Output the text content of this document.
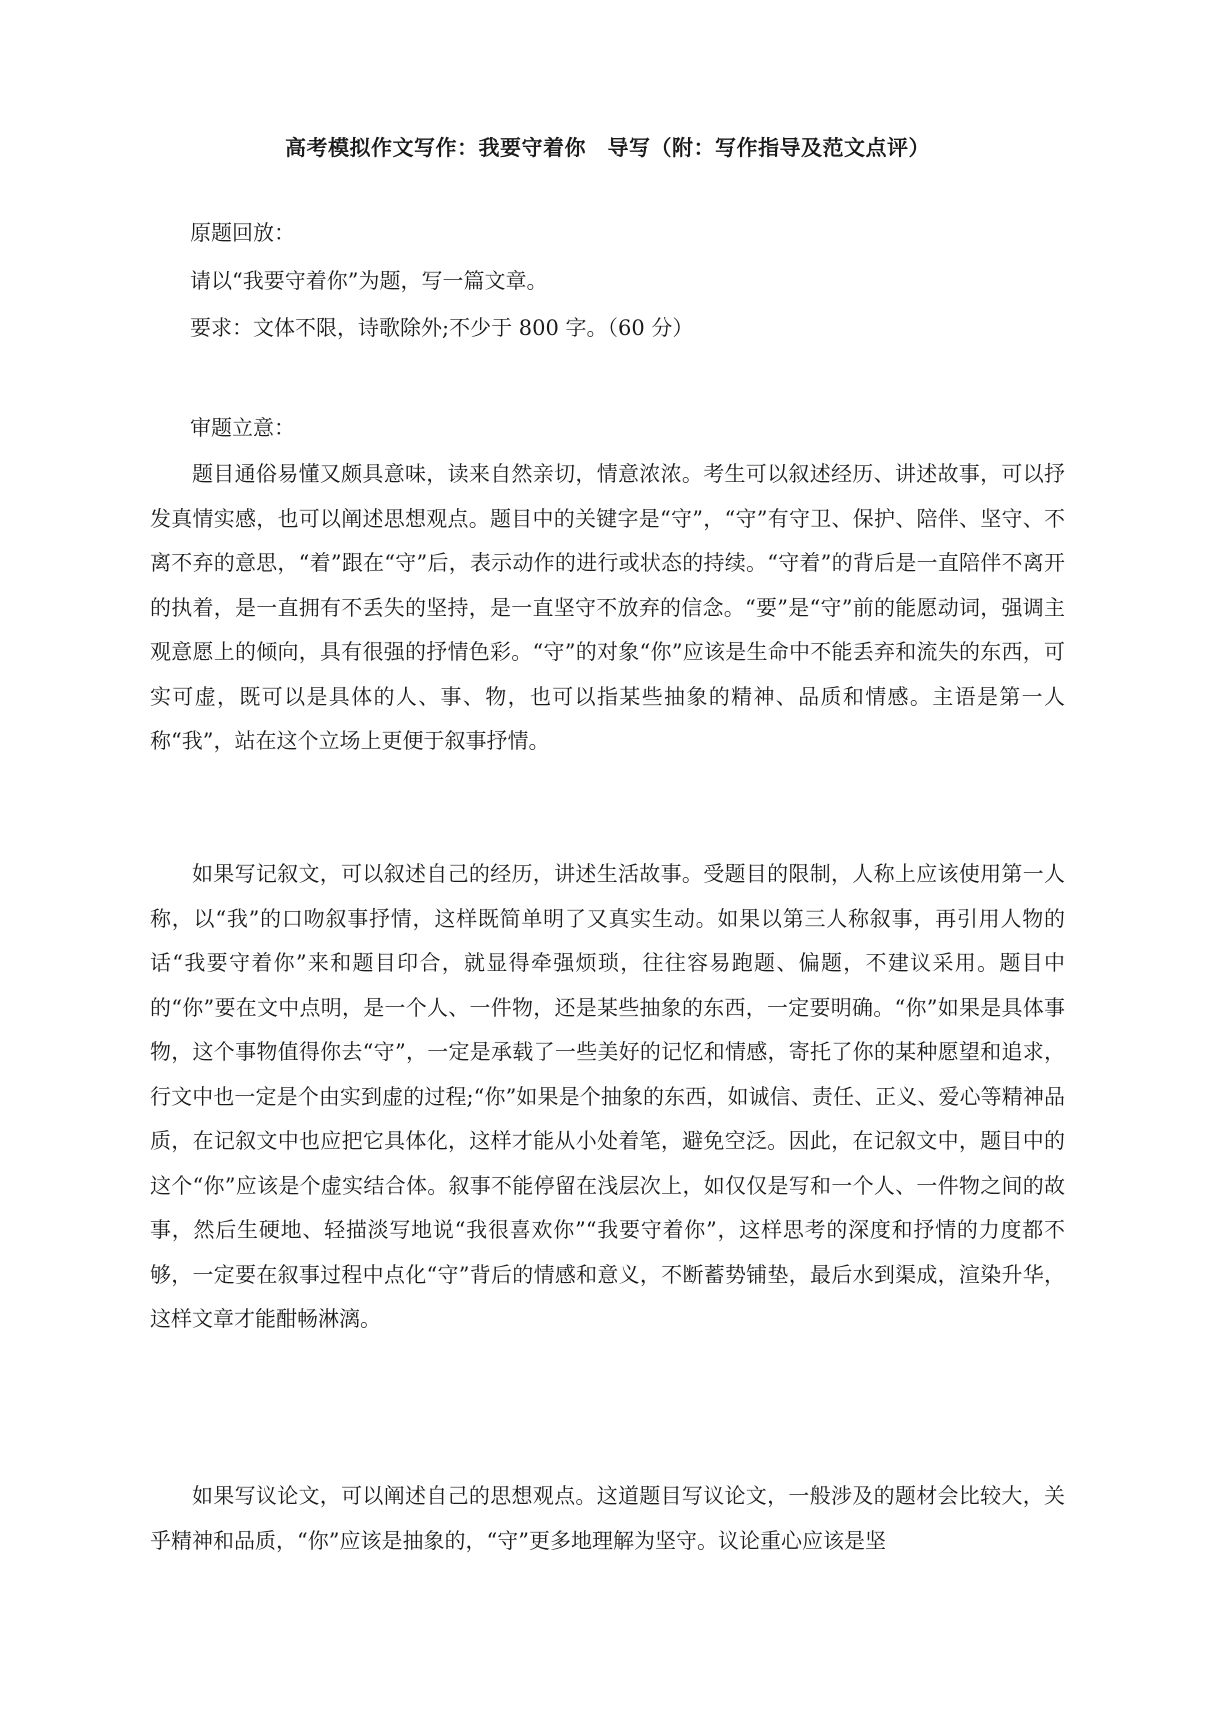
高考模拟作文写作：我要守着你　导写（附：写作指导及范文点评）

原题回放：

请以“我要守着你”为题，写一篇文章。

要求：文体不限，诗歌除外;不少于 800 字。（60 分）

审题立意：

题目通俗易懂又颇具意味，读来自然亲切，情意浓浓。考生可以叙述经历、讲述故事，可以抒发真情实感，也可以阐述思想观点。题目中的关键字是“守”，“守”有守卫、保护、陪伴、坚守、不离不弃的意思，“着”跟在“守”后，表示动作的进行或状态的持续。“守着”的背后是一直陪伴不离开的执着，是一直拥有不丢失的坚持，是一直坚守不放弃的信念。“要”是“守”前的能愿动词，强调主观意愿上的倾向，具有很强的抒情色彩。“守”的对象“你”应该是生命中不能丢弃和流失的东西，可实可虚，既可以是具体的人、事、物，也可以指某些抽象的精神、品质和情感。主语是第一人称“我”，站在这个立场上更便于叙事抒情。

如果写记叙文，可以叙述自己的经历，讲述生活故事。受题目的限制，人称上应该使用第一人称，以“我”的口吻叙事抒情，这样既简单明了又真实生动。如果以第三人称叙事，再引用人物的话“我要守着你”来和题目印合，就显得牵强烦琐，往往容易跑题、偏题，不建议采用。题目中的“你”要在文中点明，是一个人、一件物，还是某些抽象的东西，一定要明确。“你”如果是具体事物，这个事物值得你去“守”，一定是承载了一些美好的记忆和情感，寄托了你的某种愿望和追求，行文中也一定是个由实到虚的过程;“你”如果是个抽象的东西，如诚信、责任、正义、爱心等精神品质，在记叙文中也应把它具体化，这样才能从小处着笔，避免空泛。因此，在记叙文中，题目中的这个“你”应该是个虚实结合体。叙事不能停留在浅层次上，如仅仅是写和一个人、一件物之间的故事，然后生硬地、轻描淡写地说“我很喜欢你”“我要守着你”，这样思考的深度和抒情的力度都不够，一定要在叙事过程中点化“守”背后的情感和意义，不断蓄势铺垫，最后水到渠成，渲染升华，这样文章才能酣畅淋漓。

如果写议论文，可以阐述自己的思想观点。这道题目写议论文，一般涉及的题材会比较大，关乎精神和品质，“你”应该是抽象的，“守”更多地理解为坚守。议论重心应该是坚
